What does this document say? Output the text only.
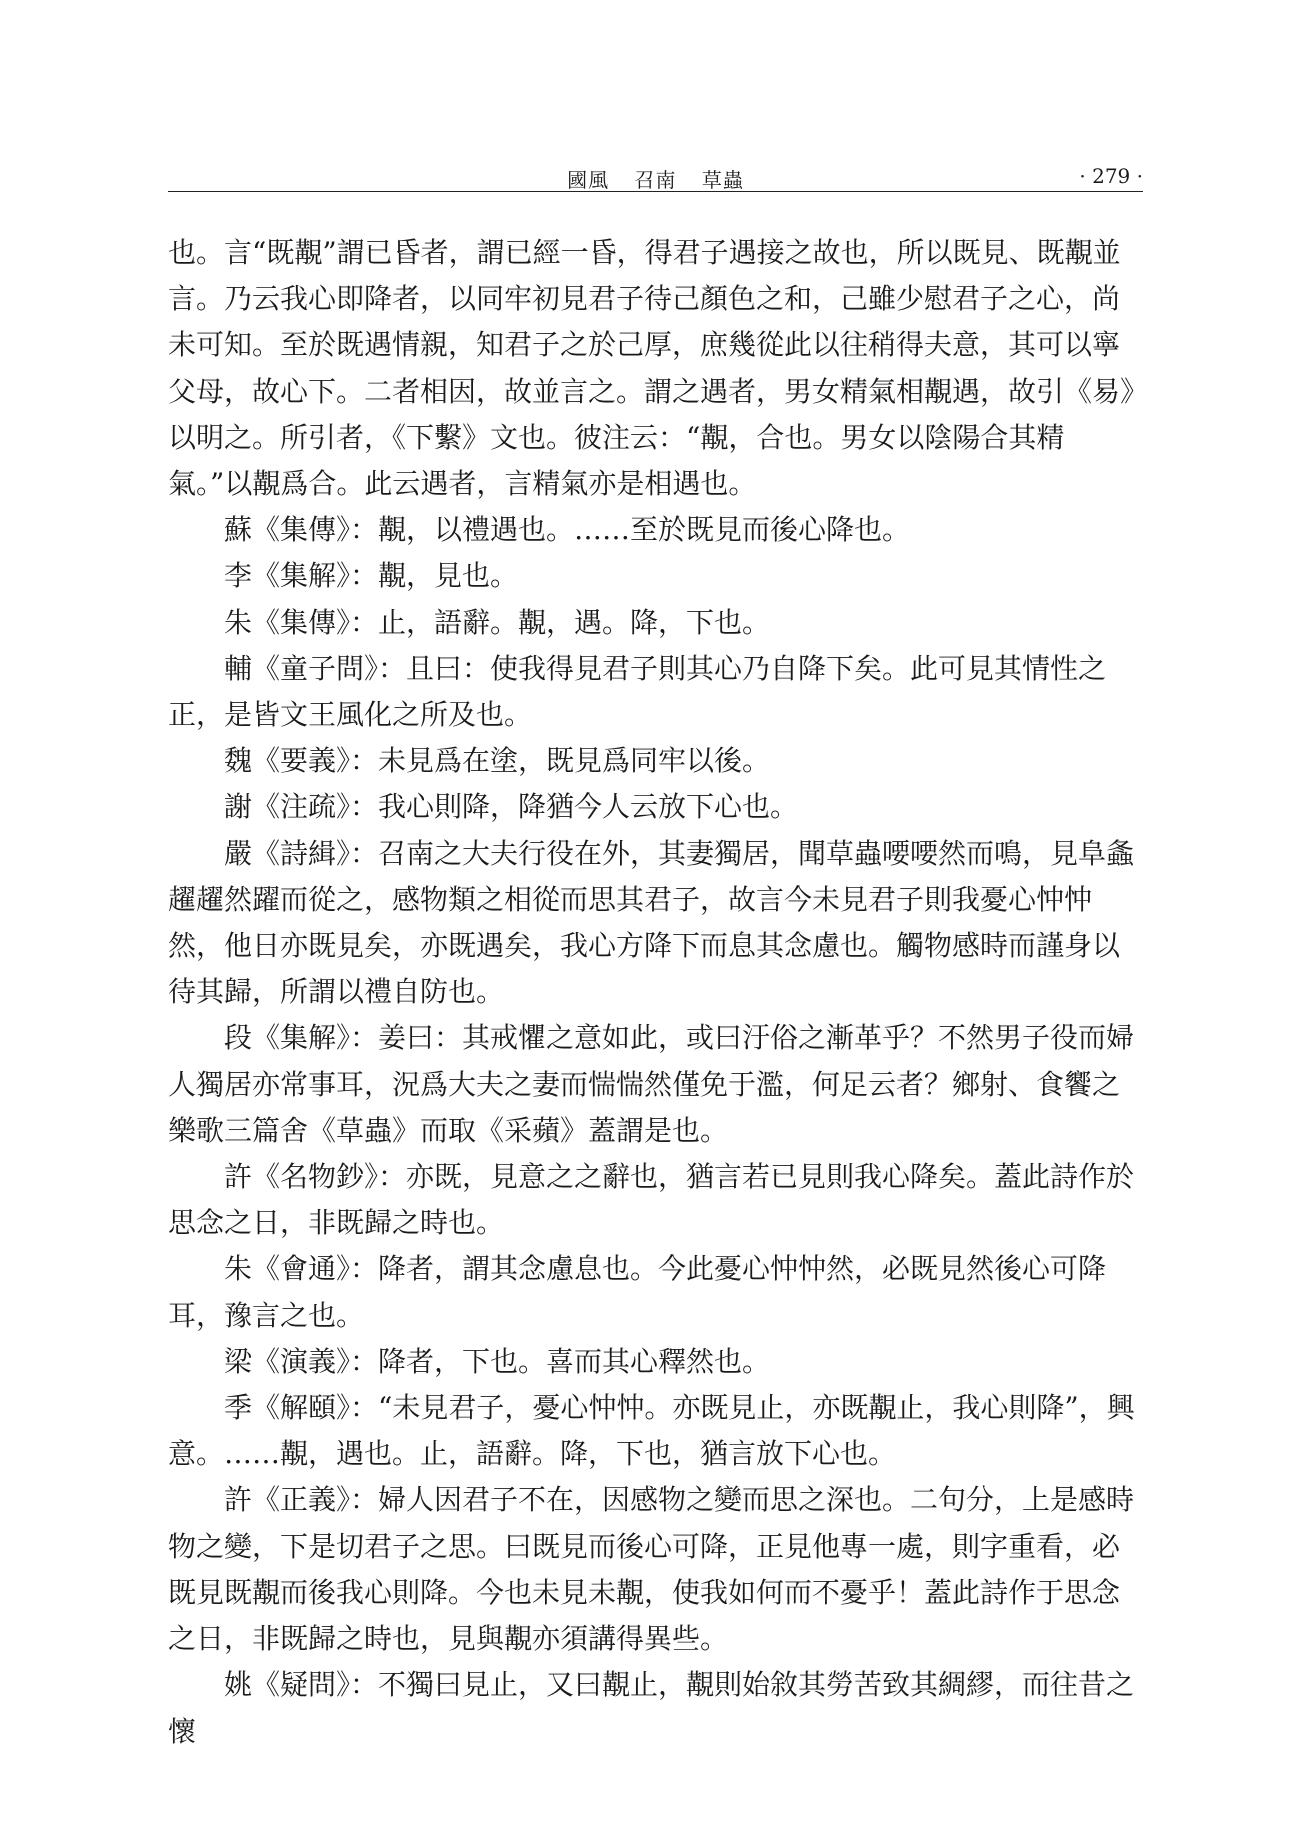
國風 召南 草蟲	· 279 ·

也。言“既覯”謂已昏者，謂已經一昏，得君子遇接之故也，所以既見、既覯並言。乃云我心即降者，以同牢初見君子待己顏色之和，己雖少慰君子之心，尚未可知。至於既遇情親，知君子之於己厚，庶幾從此以往稍得夫意，其可以寧父母，故心下。二者相因，故並言之。謂之遇者，男女精氣相覯遇，故引《易》以明之。所引者，《下繫》文也。彼注云：“覯，合也。男女以陰陽合其精氣。”以覯爲合。此云遇者，言精氣亦是相遇也。

蘇《集傳》：覯，以禮遇也。……至於既見而後心降也。

李《集解》：覯，見也。

朱《集傳》：止，語辭。覯，遇。降，下也。

輔《童子問》：且曰：使我得見君子則其心乃自降下矣。此可見其情性之正，是皆文王風化之所及也。

魏《要義》：未見爲在塗，既見爲同牢以後。

謝《注疏》：我心則降，降猶今人云放下心也。

嚴《詩緝》：召南之大夫行役在外，其妻獨居，聞草蟲喓喓然而鳴，見阜螽趯趯然躍而從之，感物類之相從而思其君子，故言今未見君子則我憂心忡忡然，他日亦既見矣，亦既遇矣，我心方降下而息其念慮也。觸物感時而謹身以待其歸，所謂以禮自防也。

段《集解》：姜曰：其戒懼之意如此，或曰汙俗之漸革乎？不然男子役而婦人獨居亦常事耳，況爲大夫之妻而惴惴然僅免于濫，何足云者？鄉射、食饗之樂歌三篇舍《草蟲》而取《采蘋》蓋謂是也。

許《名物鈔》：亦既，見意之之辭也，猶言若已見則我心降矣。蓋此詩作於思念之日，非既歸之時也。

朱《會通》：降者，謂其念慮息也。今此憂心忡忡然，必既見然後心可降耳，豫言之也。

梁《演義》：降者，下也。喜而其心釋然也。

季《解頤》：“未見君子，憂心忡忡。亦既見止，亦既覯止，我心則降”，興意。……覯，遇也。止，語辭。降，下也，猶言放下心也。

許《正義》：婦人因君子不在，因感物之變而思之深也。二句分，上是感時物之變，下是切君子之思。曰既見而後心可降，正見他專一處，則字重看，必既見既覯而後我心則降。今也未見未覯，使我如何而不憂乎！蓋此詩作于思念之日，非既歸之時也，見與覯亦須講得異些。

姚《疑問》：不獨曰見止，又曰覯止，覯則始敘其勞苦致其綢繆，而往昔之懷
